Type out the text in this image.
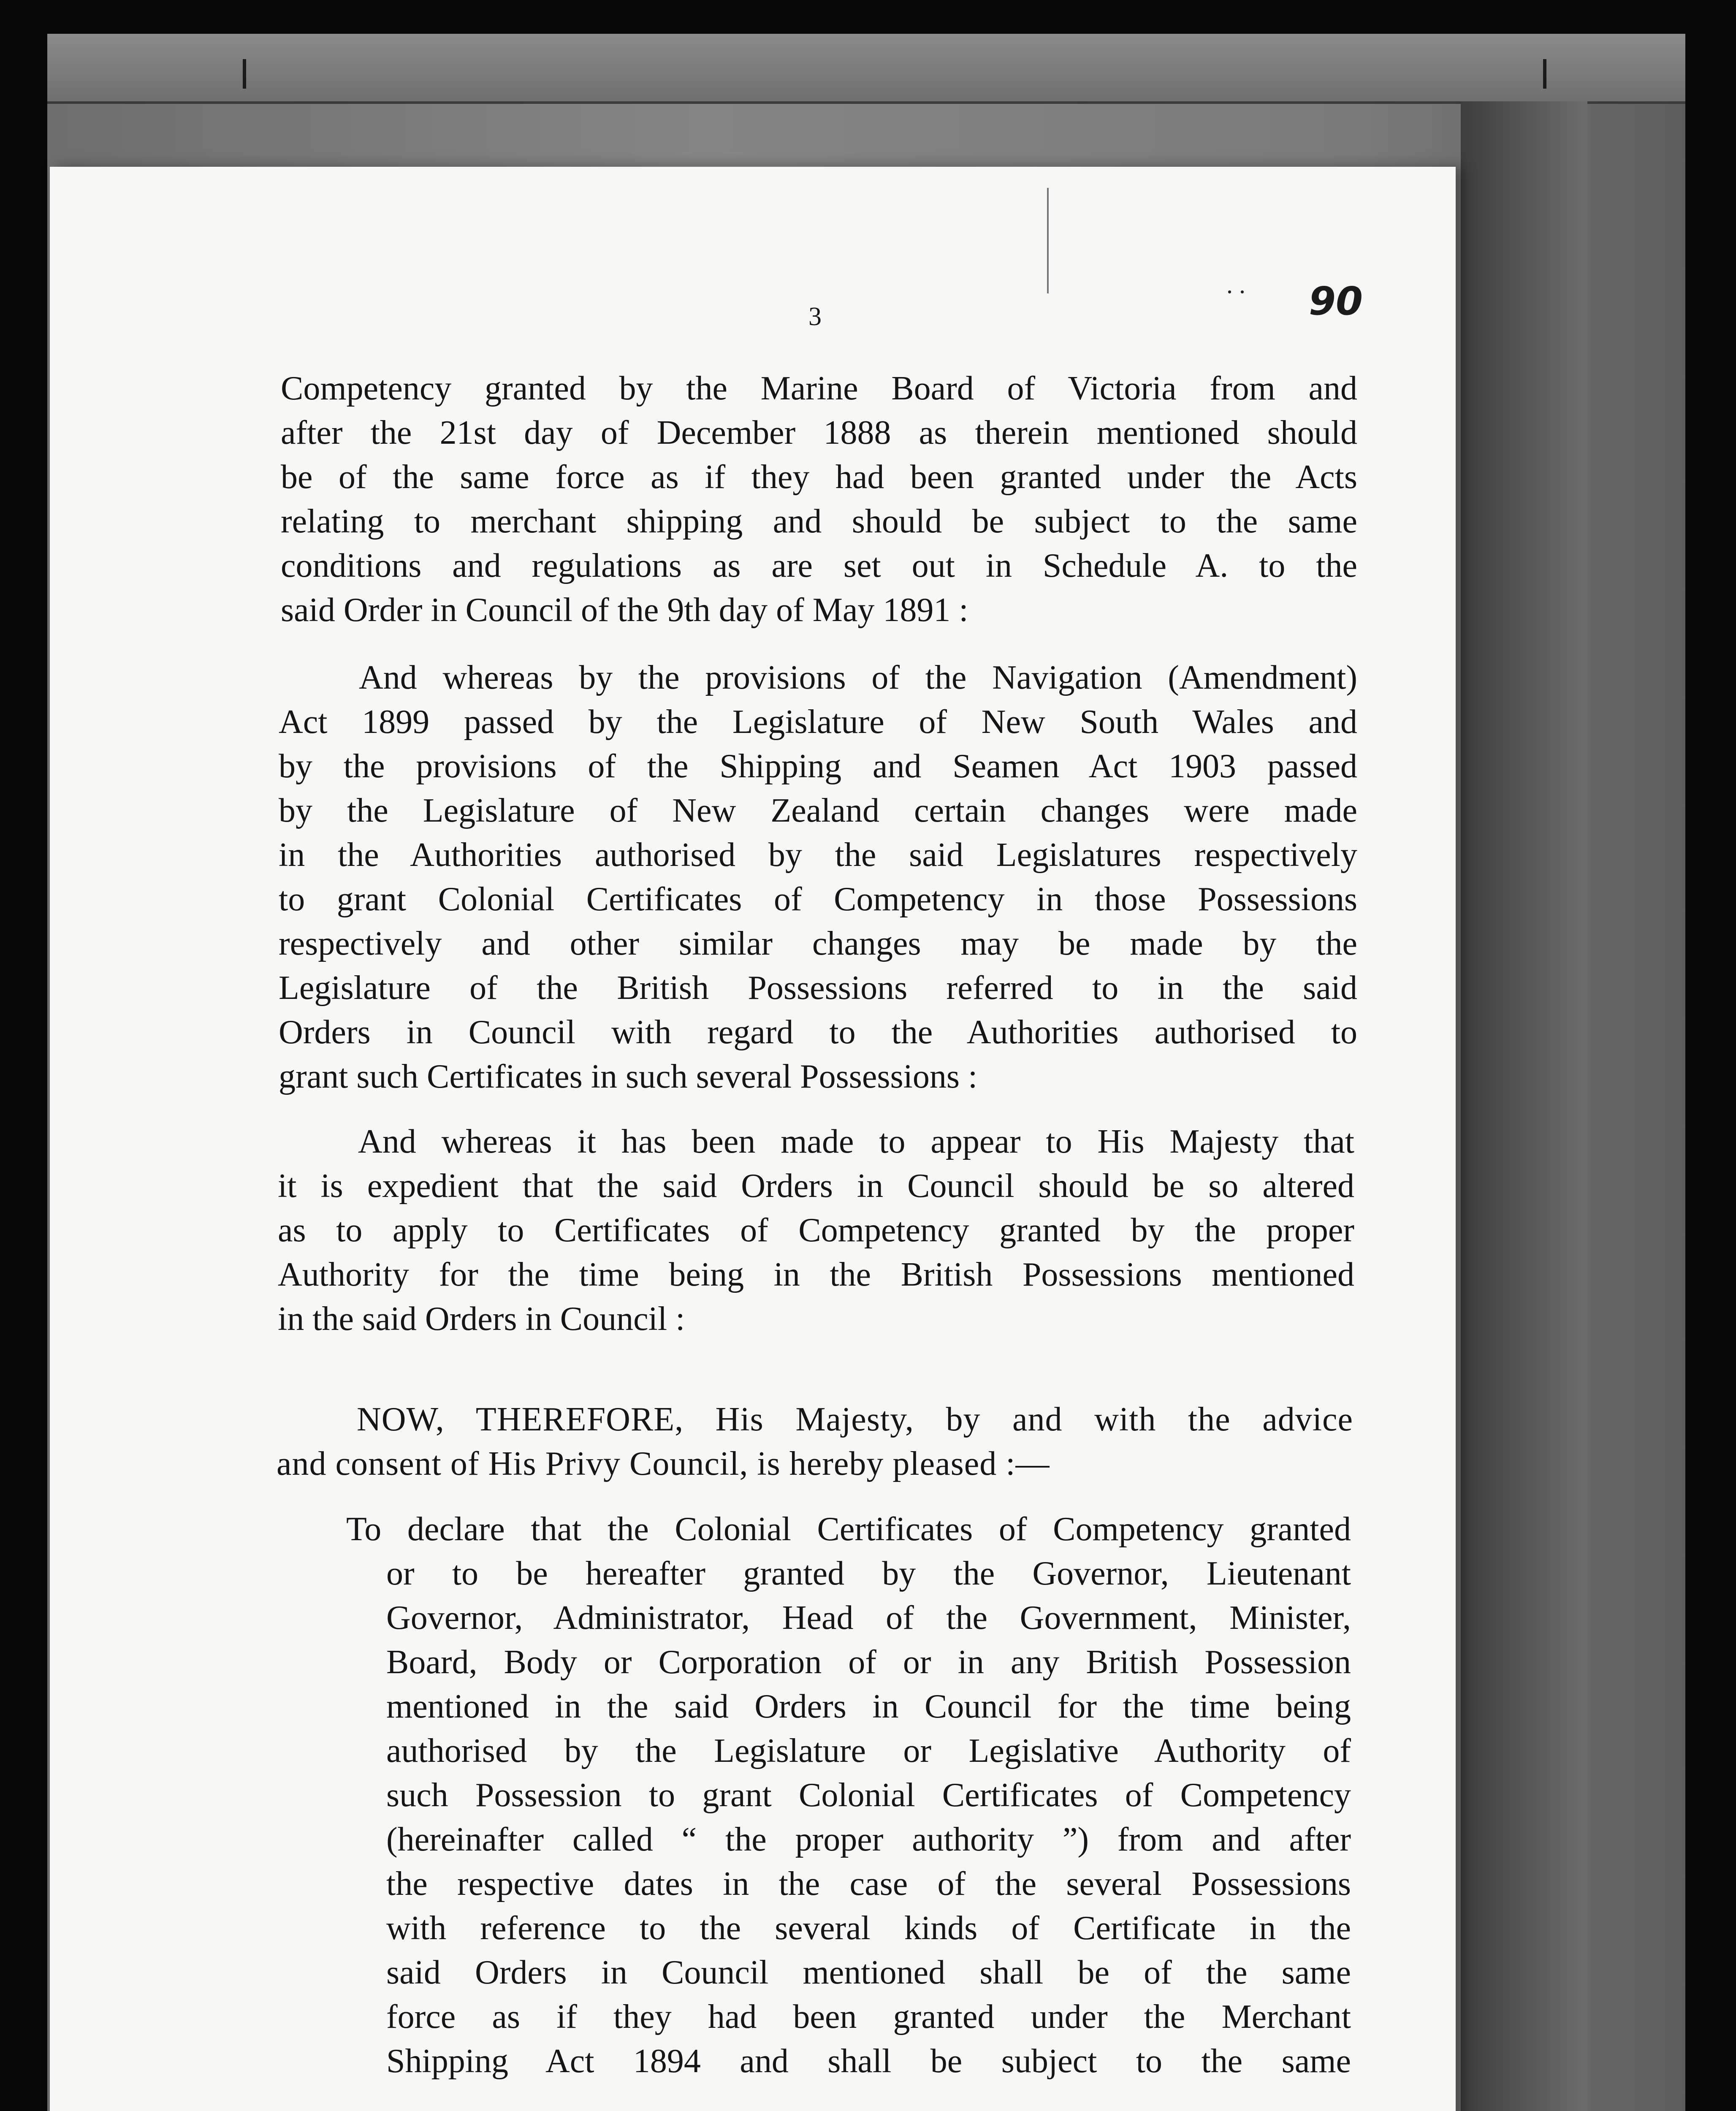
3

. . 90

Competency granted by the Marine Board of Victoria from and
after the 21st day of December 1888 as therein mentioned should
be of the same force as if they had been granted under the Acts
relating to merchant shipping and should be subject to the same
conditions and regulations as are set out in Schedule A. to the
said Order in Council of the 9th day of May 1891 :

And whereas by the provisions of the Navigation (Amendment)
Act 1899 passed by the Legislature of New South Wales and
by the provisions of the Shipping and Seamen Act 1903 passed
by the Legislature of New Zealand certain changes were made
in the Authorities authorised by the said Legislatures respectively
to grant Colonial Certificates of Competency in those Possessions
respectively and other similar changes may be made by the
Legislature of the British Possessions referred to in the said
Orders in Council with regard to the Authorities authorised to
grant such Certificates in such several Possessions :

And whereas it has been made to appear to His Majesty that
it is expedient that the said Orders in Council should be so altered
as to apply to Certificates of Competency granted by the proper
Authority for the time being in the British Possessions mentioned
in the said Orders in Council :

NOW, THEREFORE, His Majesty, by and with the advice
and consent of His Privy Council, is hereby pleased :—

To declare that the Colonial Certificates of Competency granted
or to be hereafter granted by the Governor, Lieutenant
Governor, Administrator, Head of the Government, Minister,
Board, Body or Corporation of or in any British Possession
mentioned in the said Orders in Council for the time being
authorised by the Legislature or Legislative Authority of
such Possession to grant Colonial Certificates of Competency
(hereinafter called “ the proper authority ”) from and after
the respective dates in the case of the several Possessions
with reference to the several kinds of Certificate in the
said Orders in Council mentioned shall be of the same
force as if they had been granted under the Merchant
Shipping Act 1894 and shall be subject to the same
